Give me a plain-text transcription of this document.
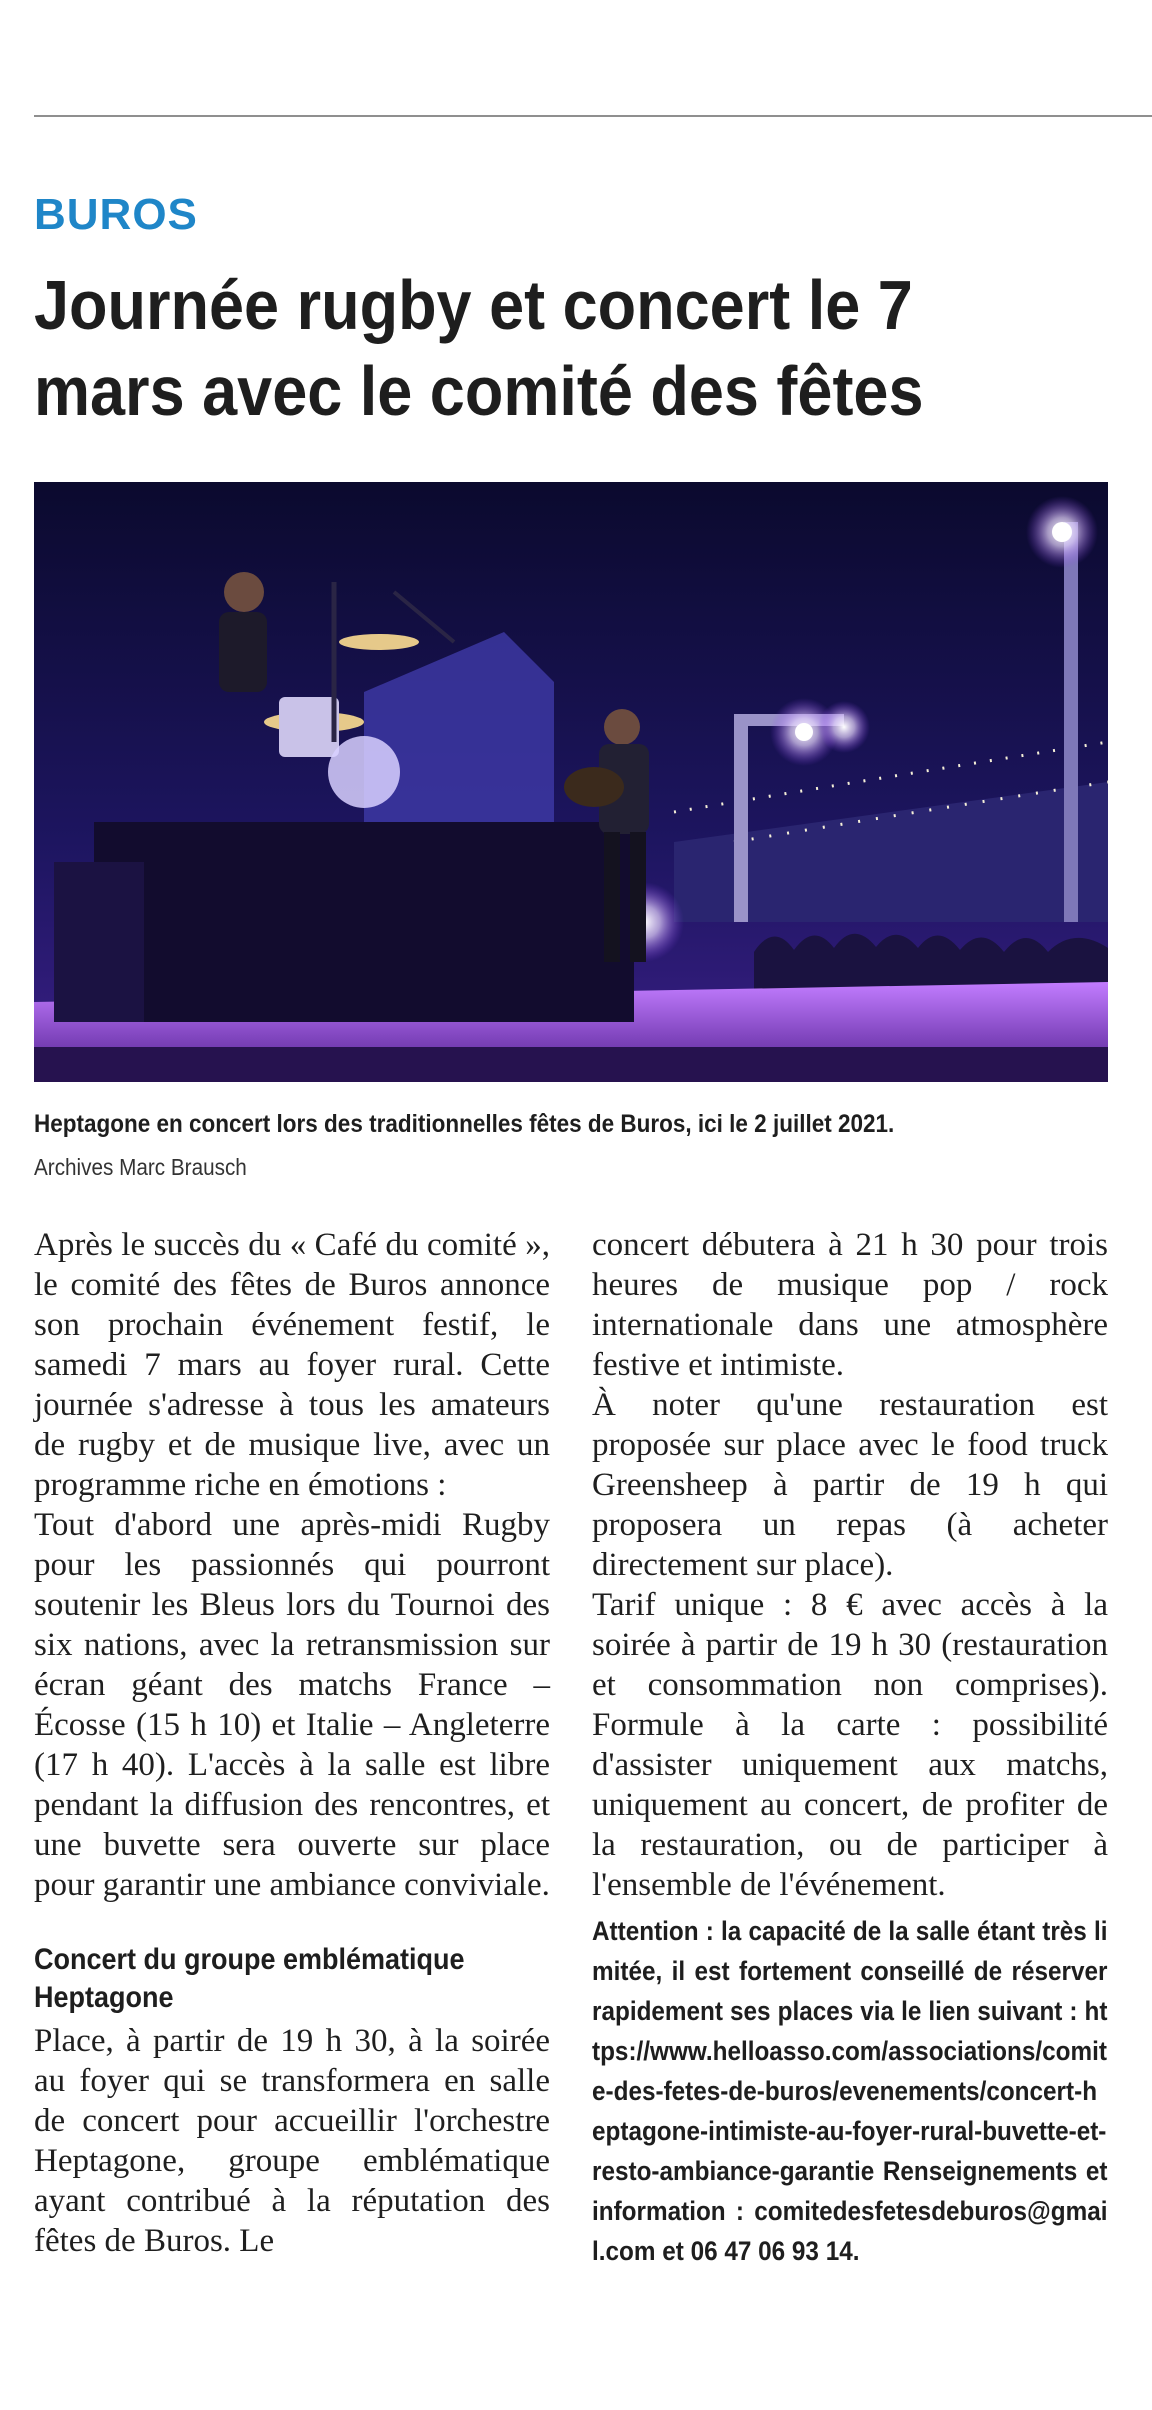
BUROS
Journée rugby et concert le 7 mars avec le comité des fêtes
Heptagone en concert lors des traditionnelles fêtes de Buros, ici le 2 juillet 2021.
Archives Marc Brausch

Après le succès du « Café du comité », le comité des fêtes de Buros annonce son prochain événement festif, le samedi 7 mars au foyer rural. Cette journée s'adresse à tous les amateurs de rugby et de musique live, avec un programme riche en émotions :

Tout d'abord une après-midi Rugby pour les passionnés qui pourront soutenir les Bleus lors du Tournoi des six nations, avec la retransmission sur écran géant des matchs France – Écosse (15 h 10) et Italie – Angleterre (17 h 40). L'accès à la salle est libre pendant la diffusion des rencontres, et une buvette sera ouverte sur place pour garantir une ambiance conviviale.

Concert du groupe emblématique Heptagone

Place, à partir de 19 h 30, à la soirée au foyer qui se transformera en salle de concert pour accueillir l'orchestre Heptagone, groupe emblématique ayant contribué à la réputation des fêtes de Buros. Le

concert débutera à 21 h 30 pour trois heures de musique pop / rock internationale dans une atmosphère festive et intimiste.

À noter qu'une restauration est proposée sur place avec le food truck Greensheep à partir de 19 h qui proposera un repas (à acheter directement sur place).

Tarif unique : 8 € avec accès à la soirée à partir de 19 h 30 (restauration et consommation non comprises). Formule à la carte : possibilité d'assister uniquement aux matchs, uniquement au concert, de profiter de la restauration, ou de participer à l'ensemble de l'événement.

Attention : la capacité de la salle étant très limitée, il est fortement conseillé de réserver rapidement ses places via le lien suivant : https://www.helloasso.com/associations/comite-des-fetes-de-buros/evenements/concert-heptagone-intimiste-au-foyer-rural-buvette-et-resto-ambiance-garantie Renseignements et information : comitedesfetesdeburos@gmail.com et 06 47 06 93 14.
